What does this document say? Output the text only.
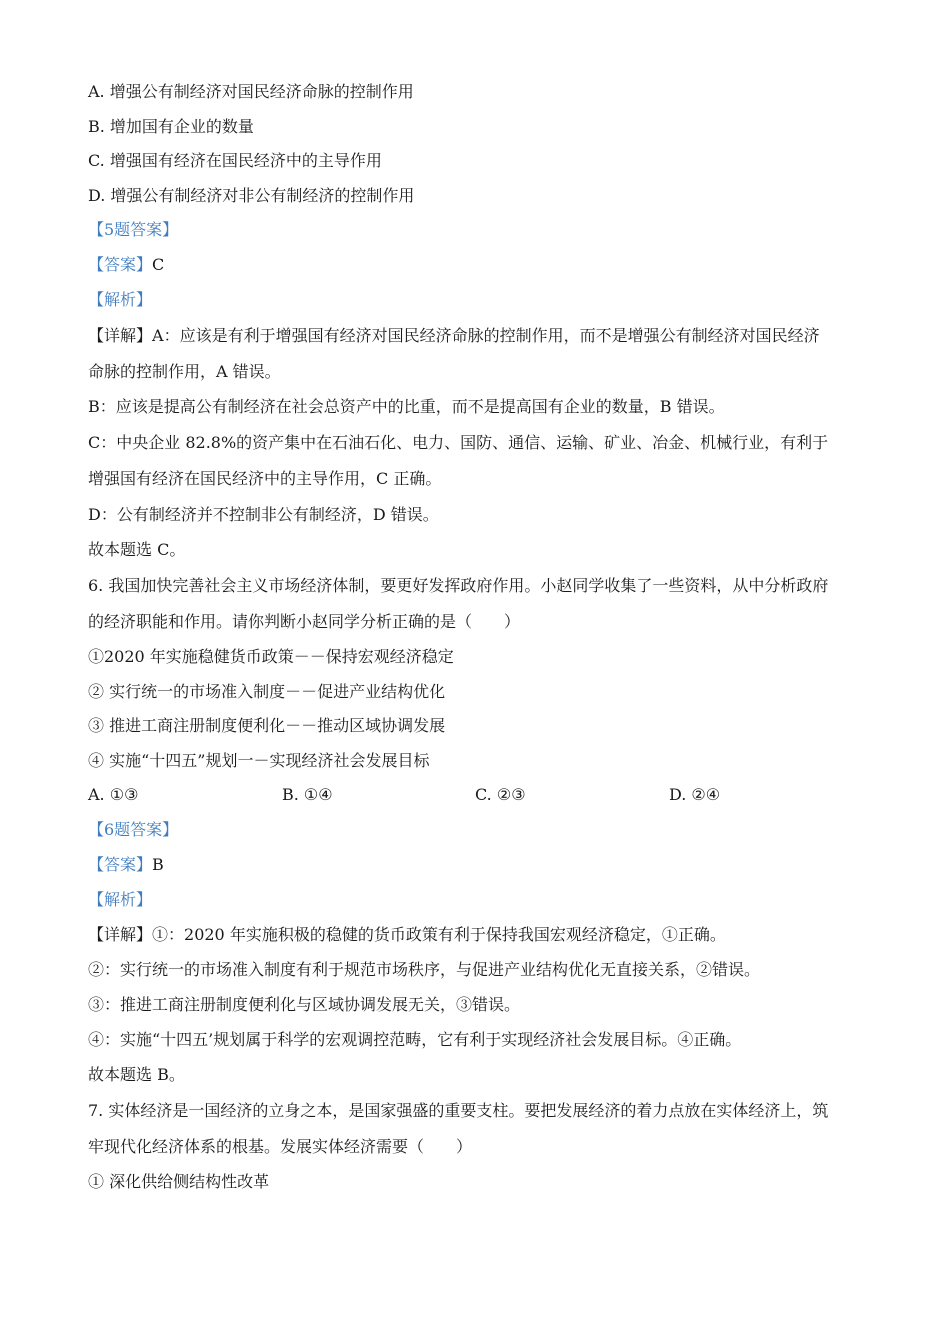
A. 增强公有制经济对国民经济命脉的控制作用
B. 增加国有企业的数量
C. 增强国有经济在国民经济中的主导作用
D. 增强公有制经济对非公有制经济的控制作用
【5题答案】
【答案】C
【解析】
【详解】A：应该是有利于增强国有经济对国民经济命脉的控制作用，而不是增强公有制经济对国民经济
命脉的控制作用，A 错误。
B：应该是提高公有制经济在社会总资产中的比重，而不是提高国有企业的数量，B 错误。
C：中央企业 82.8%的资产集中在石油石化、电力、国防、通信、运输、矿业、冶金、机械行业，有利于
增强国有经济在国民经济中的主导作用，C 正确。
D：公有制经济并不控制非公有制经济，D 错误。
故本题选 C。
6. 我国加快完善社会主义市场经济体制，要更好发挥政府作用。小赵同学收集了一些资料，从中分析政府
的经济职能和作用。请你判断小赵同学分析正确的是（　　）
①2020 年实施稳健货币政策－－保持宏观经济稳定
② 实行统一的市场准入制度－－促进产业结构优化
③ 推进工商注册制度便利化－－推动区域协调发展
④ 实施“十四五”规划一－实现经济社会发展目标
A. ①③	B. ①④	C. ②③	D. ②④
【6题答案】
【答案】B
【解析】
【详解】①：2020 年实施积极的稳健的货币政策有利于保持我国宏观经济稳定，①正确。
②：实行统一的市场准入制度有利于规范市场秩序，与促进产业结构优化无直接关系，②错误。
③：推进工商注册制度便利化与区域协调发展无关，③错误。
④：实施“十四五’规划属于科学的宏观调控范畴，它有利于实现经济社会发展目标。④正确。
故本题选 B。
7. 实体经济是一国经济的立身之本，是国家强盛的重要支柱。要把发展经济的着力点放在实体经济上，筑
牢现代化经济体系的根基。发展实体经济需要（　　）
① 深化供给侧结构性改革
